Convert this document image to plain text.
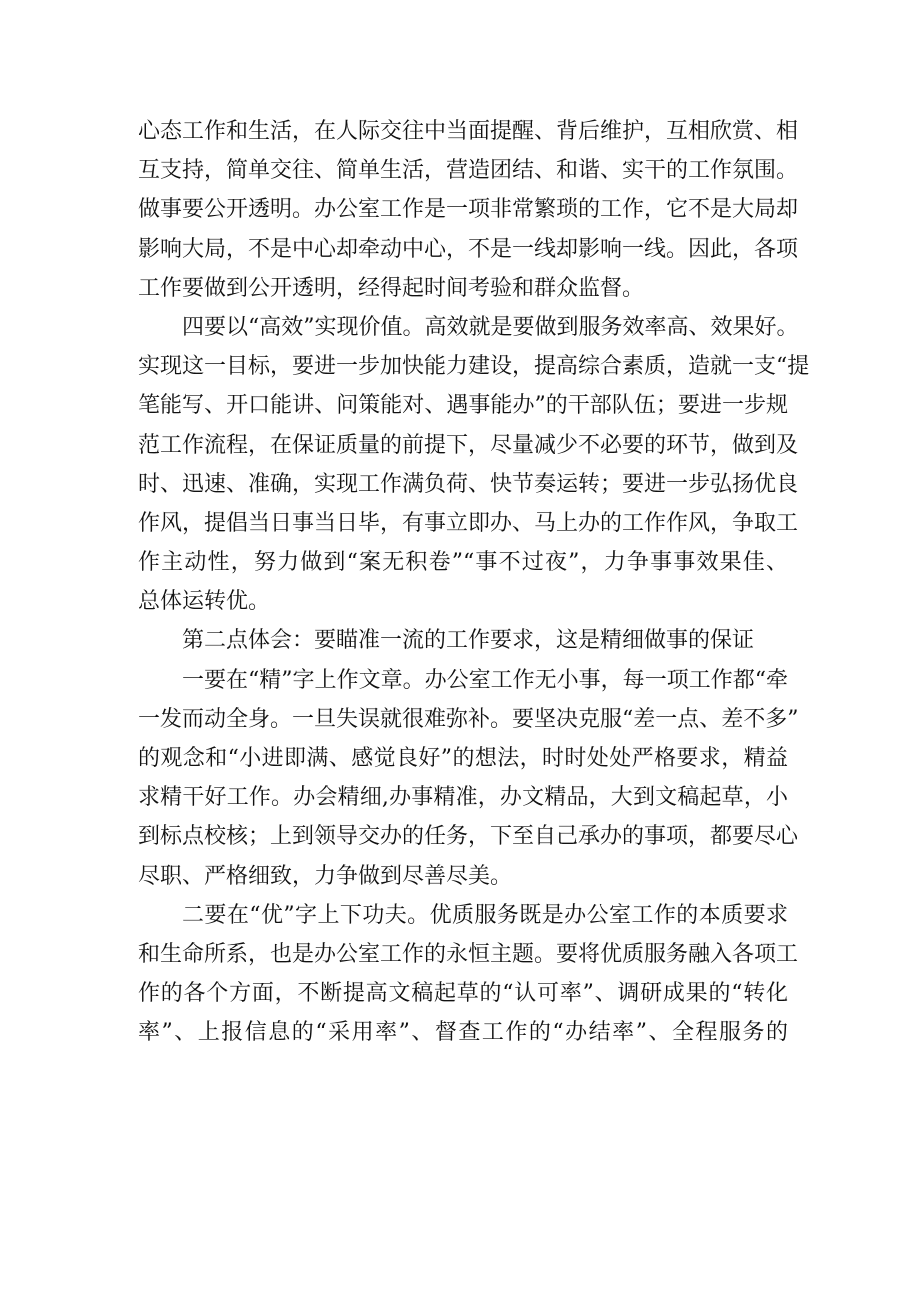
心态工作和生活，在人际交往中当面提醒、背后维护，互相欣赏、相
互支持，简单交往、简单生活，营造团结、和谐、实干的工作氛围。
做事要公开透明。办公室工作是一项非常繁琐的工作，它不是大局却
影响大局，不是中心却牵动中心，不是一线却影响一线。因此，各项
工作要做到公开透明，经得起时间考验和群众监督。
四要以“高效”实现价值。高效就是要做到服务效率高、效果好。
实现这一目标，要进一步加快能力建设，提高综合素质，造就一支“提
笔能写、开口能讲、问策能对、遇事能办”的干部队伍；要进一步规
范工作流程，在保证质量的前提下，尽量减少不必要的环节，做到及
时、迅速、准确，实现工作满负荷、快节奏运转；要进一步弘扬优良
作风，提倡当日事当日毕，有事立即办、马上办的工作作风，争取工
作主动性，努力做到“案无积卷”“事不过夜”，力争事事效果佳、
总体运转优。
第二点体会：要瞄准一流的工作要求，这是精细做事的保证
一要在“精”字上作文章。办公室工作无小事，每一项工作都“牵
一发而动全身。一旦失误就很难弥补。要坚决克服“差一点、差不多”
的观念和“小进即满、感觉良好”的想法，时时处处严格要求，精益
求精干好工作。办会精细,办事精准，办文精品，大到文稿起草，小
到标点校核；上到领导交办的任务，下至自己承办的事项，都要尽心
尽职、严格细致，力争做到尽善尽美。
二要在“优”字上下功夫。优质服务既是办公室工作的本质要求
和生命所系，也是办公室工作的永恒主题。要将优质服务融入各项工
作的各个方面，不断提高文稿起草的“认可率”、调研成果的“转化
率”、上报信息的“采用率”、督查工作的“办结率”、全程服务的
